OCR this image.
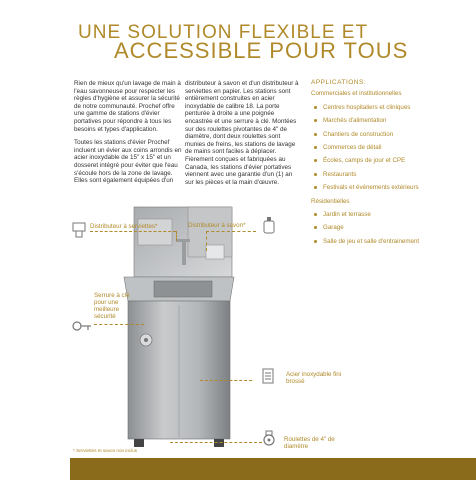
UNE SOLUTION FLEXIBLE ET
ACCESSIBLE POUR TOUS

Rien de mieux qu'un lavage de main à l'eau savonneuse pour respecter les règles d'hygiène et assurer la sécurité de notre communauté. Prochef offre une gamme de stations d'évier portatives pour répondre à tous les besoins et types d'application.

Toutes les stations d'évier Prochef incluent un évier aux coins arrondis en acier inoxydable de 15" x 15" et un dosseret intégré pour éviter que l'eau s'écoule hors de la zone de lavage. Elles sont également équipées d'un

distributeur à savon et d'un distributeur à serviettes en papier. Les stations sont entièrement construites en acier inoxydable de calibre 18. La porte penturée à droite a une poignée encastrée et une serrure à clé. Montées sur des roulettes pivotantes de 4" de diamètre, dont deux roulettes sont munies de freins, les stations de lavage de mains sont faciles à déplacer. Fièrement conçues et fabriquées au Canada, les stations d'évier portatives viennent avec une garantie d'un (1) an sur les pièces et la main d'œuvre.

APPLICATIONS:
Commerciales et institutionnelles
Centres hospitaliers et cliniques
Marchés d'alimentation
Chantiers de construction
Commerces de détail
Écoles, camps de jour et CPE
Restaurants
Festivals et événements extérieurs
Résidentielles
Jardin et terrasse
Garage
Salle de jeu et salle d'entrainement
Distributeur à serviettes*	Distributeur à savon*
Serrure à clé pour une meilleure sécurité
Acier inoxydable fini brossé
Roulettes de 4" de diamètre
* Serviettes et savon non inclus
